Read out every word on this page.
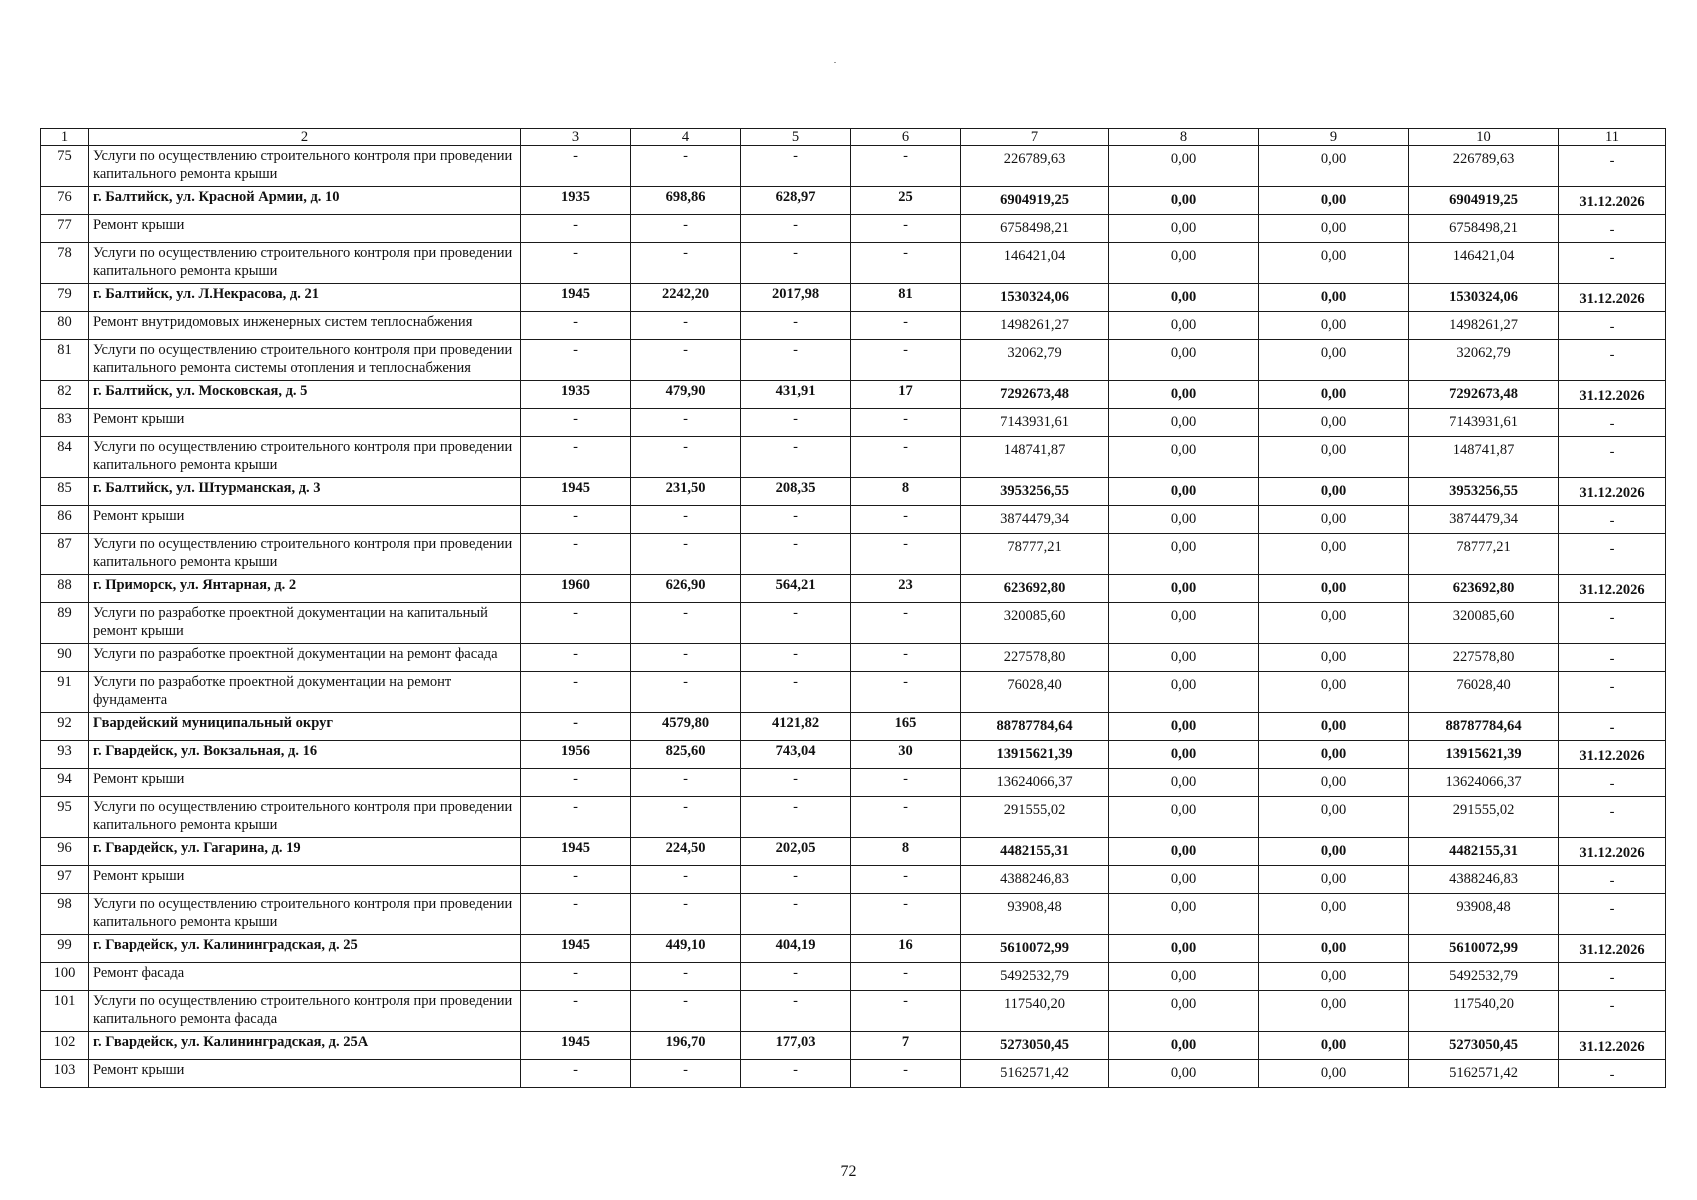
1	2	3	4	5	6	7	8	9	10	11
75	Услуги по осуществлению строительного контроля при проведении капитального ремонта крыши	-	-	-	-	226789,63	0,00	0,00	226789,63	-
76	г. Балтийск, ул. Красной Армии, д. 10	1935	698,86	628,97	25	6904919,25	0,00	0,00	6904919,25	31.12.2026
77	Ремонт крыши	-	-	-	-	6758498,21	0,00	0,00	6758498,21	-
78	Услуги по осуществлению строительного контроля при проведении капитального ремонта крыши	-	-	-	-	146421,04	0,00	0,00	146421,04	-
79	г. Балтийск, ул. Л.Некрасова, д. 21	1945	2242,20	2017,98	81	1530324,06	0,00	0,00	1530324,06	31.12.2026
80	Ремонт внутридомовых инженерных систем теплоснабжения	-	-	-	-	1498261,27	0,00	0,00	1498261,27	-
81	Услуги по осуществлению строительного контроля при проведении капитального ремонта системы отопления и теплоснабжения	-	-	-	-	32062,79	0,00	0,00	32062,79	-
82	г. Балтийск, ул. Московская, д. 5	1935	479,90	431,91	17	7292673,48	0,00	0,00	7292673,48	31.12.2026
83	Ремонт крыши	-	-	-	-	7143931,61	0,00	0,00	7143931,61	-
84	Услуги по осуществлению строительного контроля при проведении капитального ремонта крыши	-	-	-	-	148741,87	0,00	0,00	148741,87	-
85	г. Балтийск, ул. Штурманская, д. 3	1945	231,50	208,35	8	3953256,55	0,00	0,00	3953256,55	31.12.2026
86	Ремонт крыши	-	-	-	-	3874479,34	0,00	0,00	3874479,34	-
87	Услуги по осуществлению строительного контроля при проведении капитального ремонта крыши	-	-	-	-	78777,21	0,00	0,00	78777,21	-
88	г. Приморск, ул. Янтарная, д. 2	1960	626,90	564,21	23	623692,80	0,00	0,00	623692,80	31.12.2026
89	Услуги по разработке проектной документации на капитальный ремонт крыши	-	-	-	-	320085,60	0,00	0,00	320085,60	-
90	Услуги по разработке проектной документации на ремонт фасада	-	-	-	-	227578,80	0,00	0,00	227578,80	-
91	Услуги по разработке проектной документации на ремонт фундамента	-	-	-	-	76028,40	0,00	0,00	76028,40	-
92	Гвардейский муниципальный округ	-	4579,80	4121,82	165	88787784,64	0,00	0,00	88787784,64	-
93	г. Гвардейск, ул. Вокзальная, д. 16	1956	825,60	743,04	30	13915621,39	0,00	0,00	13915621,39	31.12.2026
94	Ремонт крыши	-	-	-	-	13624066,37	0,00	0,00	13624066,37	-
95	Услуги по осуществлению строительного контроля при проведении капитального ремонта крыши	-	-	-	-	291555,02	0,00	0,00	291555,02	-
96	г. Гвардейск, ул. Гагарина, д. 19	1945	224,50	202,05	8	4482155,31	0,00	0,00	4482155,31	31.12.2026
97	Ремонт крыши	-	-	-	-	4388246,83	0,00	0,00	4388246,83	-
98	Услуги по осуществлению строительного контроля при проведении капитального ремонта крыши	-	-	-	-	93908,48	0,00	0,00	93908,48	-
99	г. Гвардейск, ул. Калининградская, д. 25	1945	449,10	404,19	16	5610072,99	0,00	0,00	5610072,99	31.12.2026
100	Ремонт фасада	-	-	-	-	5492532,79	0,00	0,00	5492532,79	-
101	Услуги по осуществлению строительного контроля при проведении капитального ремонта фасада	-	-	-	-	117540,20	0,00	0,00	117540,20	-
102	г. Гвардейск, ул. Калининградская, д. 25А	1945	196,70	177,03	7	5273050,45	0,00	0,00	5273050,45	31.12.2026
103	Ремонт крыши	-	-	-	-	5162571,42	0,00	0,00	5162571,42	-
72
